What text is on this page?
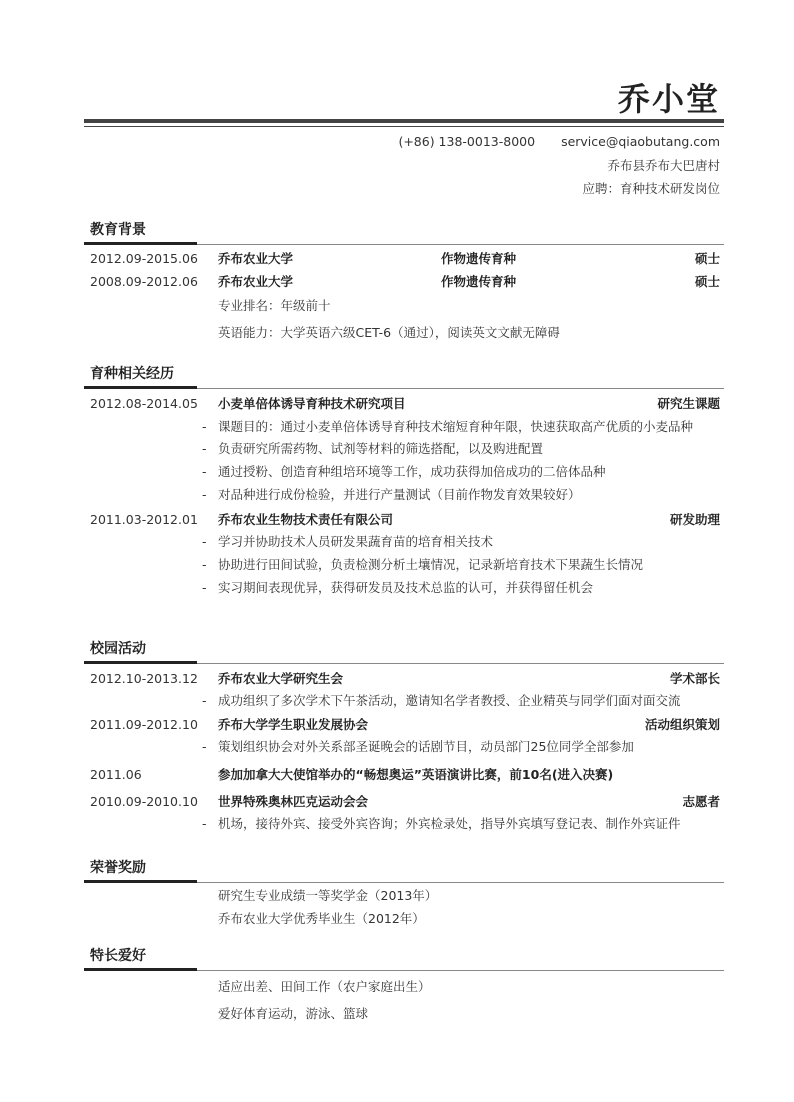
乔小堂
(+86) 138-0013-8000 service@qiaobutang.com
乔布县乔布大巴唐村
应聘：育种技术研发岗位
教育背景
2012.09-2015.06 乔布农业大学	作物遗传育种	硕士
2008.09-2012.06 乔布农业大学	作物遗传育种	硕士
专业排名：年级前十
英语能力：大学英语六级CET-6（通过），阅读英文文献无障碍
育种相关经历
2012.08-2014.05 小麦单倍体诱导育种技术研究项目	研究生课题
- 课题目的：通过小麦单倍体诱导育种技术缩短育种年限，快速获取高产优质的小麦品种
- 负责研究所需药物、试剂等材料的筛选搭配，以及购进配置
- 通过授粉、创造育种组培环境等工作，成功获得加倍成功的二倍体品种
- 对品种进行成份检验，并进行产量测试（目前作物发育效果较好）
2011.03-2012.01 乔布农业生物技术责任有限公司	研发助理
- 学习并协助技术人员研发果蔬育苗的培育相关技术
- 协助进行田间试验，负责检测分析土壤情况，记录新培育技术下果蔬生长情况
- 实习期间表现优异，获得研发员及技术总监的认可，并获得留任机会
校园活动
2012.10-2013.12 乔布农业大学研究生会	学术部长
- 成功组织了多次学术下午茶活动，邀请知名学者教授、企业精英与同学们面对面交流
2011.09-2012.10 乔布大学学生职业发展协会	活动组织策划
- 策划组织协会对外关系部圣诞晚会的话剧节目，动员部门25位同学全部参加
2011.06	参加加拿大大使馆举办的“畅想奥运”英语演讲比赛，前10名(进入决赛)
2010.09-2010.10 世界特殊奥林匹克运动会会	志愿者
- 机场，接待外宾、接受外宾咨询；外宾检录处，指导外宾填写登记表、制作外宾证件
荣誉奖励
研究生专业成绩一等奖学金（2013年）
乔布农业大学优秀毕业生（2012年）
特长爱好
适应出差、田间工作（农户家庭出生）
爱好体育运动，游泳、篮球
